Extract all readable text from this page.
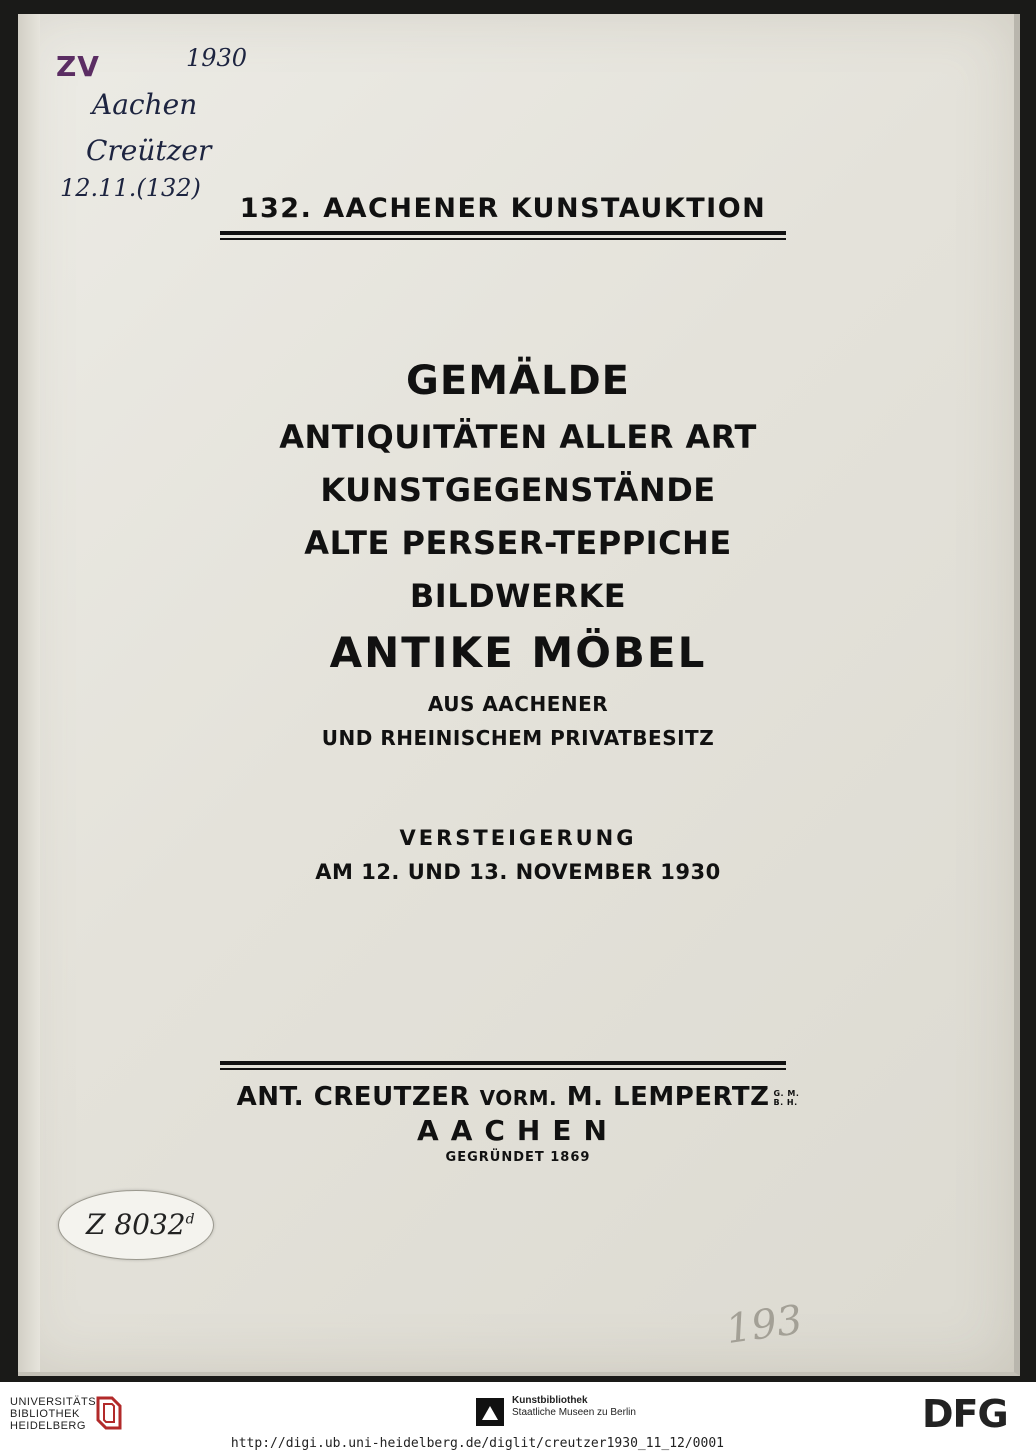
ZV	1930
Aachen
Creützer
12.11.(132)
132. AACHENER KUNSTAUKTION
GEMÄLDE
ANTIQUITÄTEN ALLER ART
KUNSTGEGENSTÄNDE
ALTE PERSER-TEPPICHE
BILDWERKE
ANTIKE MÖBEL
AUS AACHENER
UND RHEINISCHEM PRIVATBESITZ
VERSTEIGERUNG
AM 12. UND 13. NOVEMBER 1930
ANT. CREUTZER VORM. M. LEMPERTZ G. M.
B. H.
AACHEN
GEGRÜNDET 1869
Z 8032$^d$
193
UNIVERSITÄTS-
BIBLIOTHEK
HEIDELBERG
Kunstbibliothek
Staatliche Museen zu Berlin	DFG
http://digi.ub.uni-heidelberg.de/diglit/creutzer1930_11_12/0001
